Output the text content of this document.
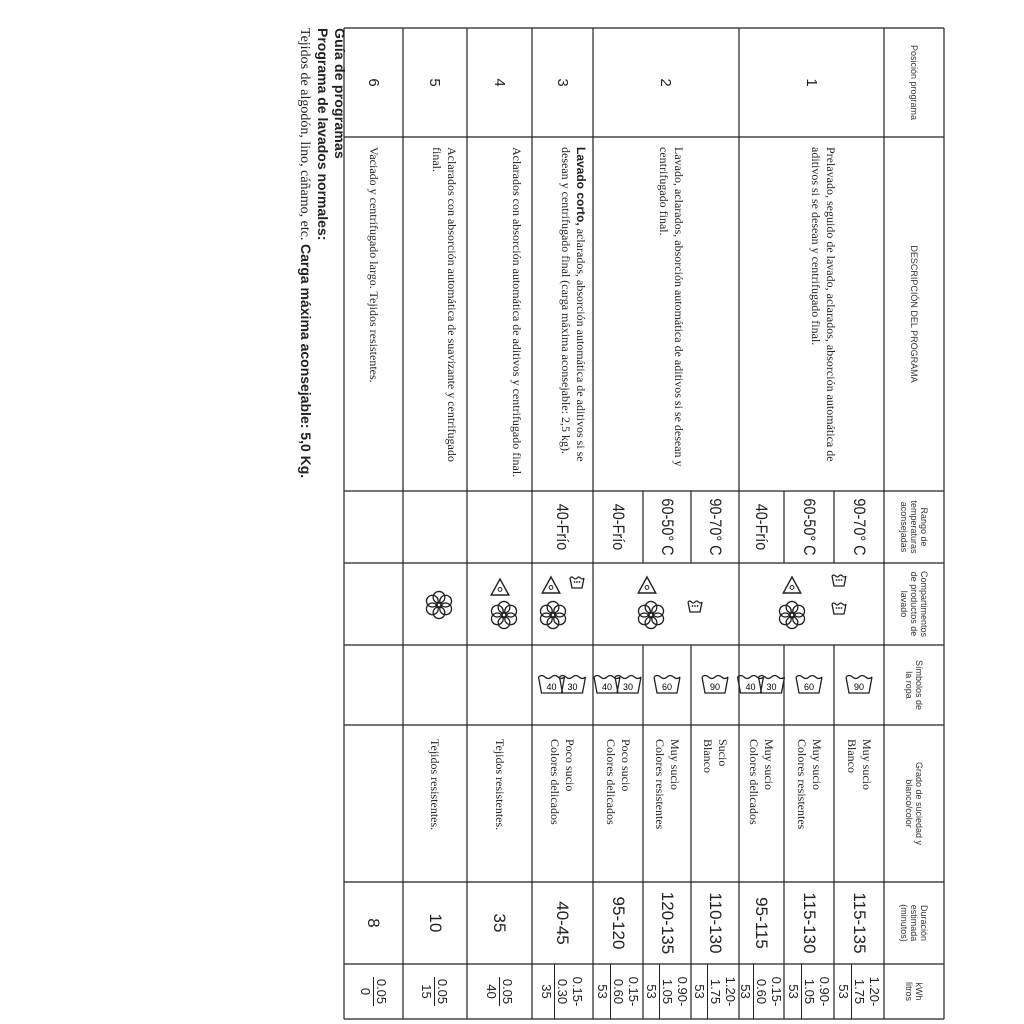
Guía de programas
Programa de lavados normales:
Tejidos de algodón, lino, cáñamo, etc. Carga máxima aconsejable: 5,0 Kg.
Posición programa
DESCRIPCIÓN DEL PROGRAMA
Rango de temperaturas aconsejadas
Compartimentos de productos de lavado
Símbolos de la ropa
Grado de suciedad y blanco/color
Duración estimada (minutos)
kWh litros
1
2
3
4
5
6
Prelavado, seguido de lavado, aclarados, absorción automática de aditivos si se desean y centrifugado final.
Lavado, aclarados, absorción automática de aditivos si se desean y centrifugado final.
Lavado corto, aclarados, absorción automática de aditivos si se desean y centrifugado final (carga máxima aconsejable: 2,5 kg).
Aclarados con absorción automática de aditivos y centrifugado final.
Aclarados con absorción automática de suavizante y centrifugado final.
Vaciado y centrifugado largo. Tejidos resistentes.
90-70° C
60-50° C
40-Frío
90-70° C
60-50° C
40-Frío
40-Frío
Muy sucio
Blanco
115-135
1.20-1.75
53
90
Muy sucio
Colores resistentes
115-130
0.90-1.05
53
60
Muy sucio
Colores delicados
95-115
0.15-0.60
53
30
40
Sucio
Blanco
110-130
1.20-1.75
53
90
Muy sucio
Colores resistentes
120-135
0.90-1.05
53
60
Poco sucio
Colores delicados
95-120
0.15-0.60
53
30
40
Poco sucio
Colores delicados
40-45
0.15-0.30
35
30
40
Tejidos resistentes.
35
0.05
40
Tejidos resistentes.
10
0.05
15
8
0.05
0
